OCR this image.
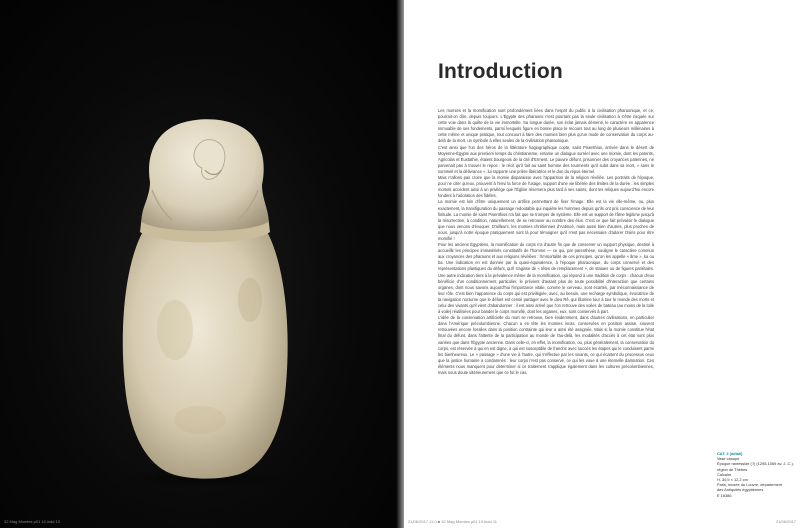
32 Mag Momies p01 10.indd 10
Introduction

Les momies et la momification sont profondément liées dans l'esprit du public à la civilisation pharaonique, et ce, pourrait-on dire, depuis toujours. L'Égypte des pharaons n'est pourtant pas la seule civilisation à s'être risquée sur cette voie dans la quête de la vie immortelle. Sa longue durée, son éclat jamais démenti, le caractère en apparence immuable de ses fondements, parmi lesquels figure en bonne place le recours tout au long de plusieurs millénaires à cette même et unique pratique, tout concourt à faire des momies bien plus qu'un mode de conservation du corps au-delà de la mort, un symbole à elles seules de la civilisation pharaonique.

C'est ainsi que l'un des héros de la littérature hagiographique copte, saint Pisenthios, arrivée dans le désert de Moyenne-Égypte aux premiers temps du christianisme, entame un dialogue surréel avec une momie, dont les parents, Agricolas et Eustathie, étaient bourgeois de la cité d'Erment. Le pauvre défunt, prisonnier des croyances païennes, ne parvenait pas à trouver le repos : le récit qu'il fait au saint homme des tourments qu'il subit dans sa mort, « sans le sommeil et la délivrance », lui rapporte une prière libératrice et le don du repos éternel.

Mais n'allons pas croire que la momie disparaisse avec l'apparition de la religion révélée. Les portraits de l'époque, pour ne citer qu'eux, prouvent à l'envi la force de l'usage, support d'une vie libérée des limites de la durée : les simples mortels accèdent ainsi à un privilège que l'Église réservera plus tard à ses saints, dont les reliques aujourd'hui encore fondent à l'adoration des fidèles.

La momie est loin d'être uniquement un artifice permettant de fixer l'image. Elle est la vie elle-même, ou, plus exactement, la transfiguration du passage redoutable qui inquiète les hommes depuis qu'ils ont pris conscience de leur finitude. La momie de saint Pisenthios n'a fait que se tromper de système. Elle est un support de l'âme légitime jusqu'à la résurrection, à condition, naturellement, de se retrouver au nombre des élus. C'est ce que fait prévaloir le dialogue que nous venons d'évoquer. D'ailleurs, les momies chrétiennes d'Antinoé, mais aussi bien d'autres, plus proches de nous, jusqu'à notre époque pratiquement sont là pour témoigner qu'il n'est pas nécessaire d'adorer Osiris pour être momifié !

Pour les anciens Égyptiens, la momification du corps n'a d'autre fin que de conserver un support physique, destiné à accueillir les principes immatériels constitutifs de l'homme — ce qui, par parenthèse, souligne le caractère commun aux croyances des pharaons et aux religions révélées : l'immortalité de ces principes, qu'on les appelle « âme », ka ou ba. Une indication en est donnée par la quasi-équivalence, à l'époque pharaonique, du corps conservé et des représentations plastiques du défunt, qu'il s'agisse de « têtes de remplacement », de statues ou de figures pariétales. Une autre indication tient à la prévalence même de la momification, qui répond à une tradition de corps : chacun d'eux bénéficie d'un conditionnement particulier, le prévient d'autant plus de toute possibilité d'interaction que certains organes, dont nous savons aujourd'hui l'importance vitale, comme le cerveau, sont écartés, par méconnaissance de leur rôle. C'est bien l'apparence du corps qui est privilégiée, avec, au besoin, une recharge symbolique, évocatrice de la navigation nocturne que le défunt est censé partager avec le dieu Rê, qui illumine tour à tour le monde des morts et celui des vivants qu'il vient d'abandonner : il est ainsi arrivé que l'on retrouve des voiles de bateau (au moins de la toile à voile) réutilisées pour bander le corps momifié, dont les organes, eux, sont conservés à part.

L'idée de la conservation artificielle du mort se retrouve, bien évidemment, dans d'autres civilisations, en particulier dans l'Amérique précolombienne. Chacun a en tête les momies incas, conservées en position assise, souvent retrouvées encore fossiles dans la position contrainte qui leur a ainsi été assignée. Mais si la momie constitue l'état final du défunt, dans l'attente de la participation au monde de l'au-delà, les modalités d'accès à cet état sont plus variées que dans l'Égypte ancienne. Dans celle-ci, en effet, la momification, ou, plus généralement, la conservation du corps, est réservée à qui en est digne, à qui est susceptible de franchir avec succès les étapes qui le conduisent parmi les bienheureux. Le « passage » d'une vie à l'autre, qui s'effectue par les vivants, ce qui écartent du processus ceux que la justice humaine a condamnés : leur corps n'est pas conservé, ce qui les voue à une éternelle damnation. Ces éléments nous manquent pour déterminer si ce traitement s'applique également dans les cultures précolombiennes, mais nous doute ultérieurement que ce fut le cas.

CAT. 2 (détail)
Vase canope
Époque ramesside (?) (1295-1069 av. J.-C.),
région de Thèbes
Calcaire
H. 30,5 × 12,2 cm
Paris, musée du Louvre, département
des Antiquités égyptiennes
E 16386
21/06/2017 11:0 ■ 32 Mag Momies p01 10.indd 11	21/06/2017
